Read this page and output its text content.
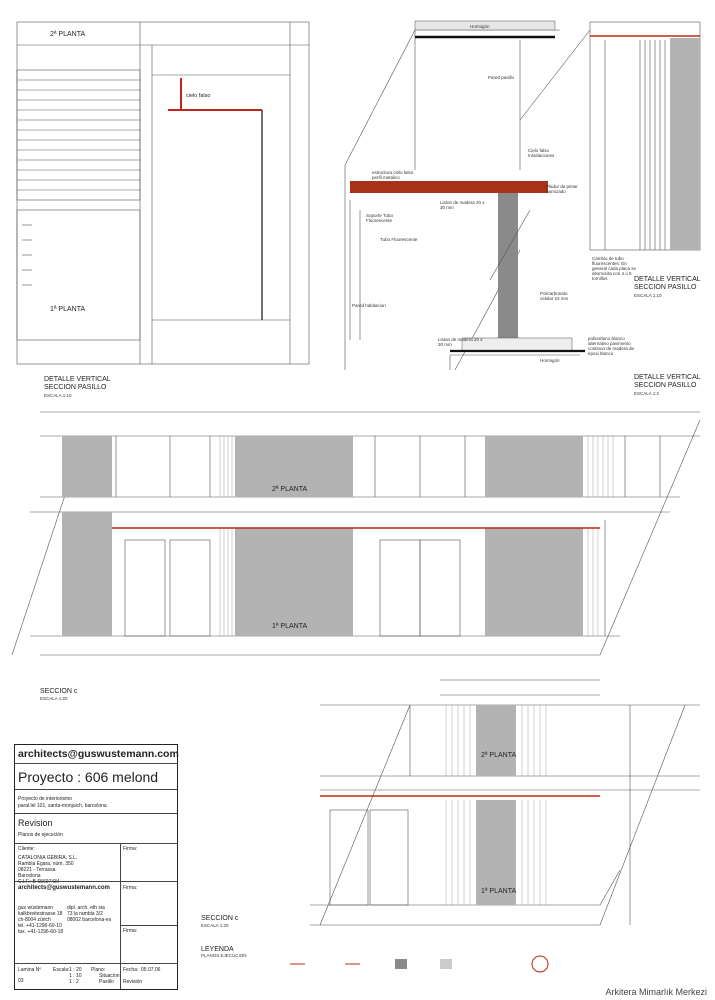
2ª PLANTA
1ª PLANTA
cielo falso
DETALLE VERTICAL
SECCION PASILLO
ESCALA 1:10
Hormigón
Pared pasillo
Cielo falso Instalaciones
estructura cielo falso perfil metalico
Pladur de pintar barnizado
Liston de madera 20 x 30 mm
Soporte Tubo Fluorescente
Tubo Fluorescente
Policarbonato celular 23 mm
Pared habitacion
Liston de madera 20 x 30 mm
poliuretano blanco alternativo pavimento continuo de madera de epoxi blanco
Hormigón
DETALLE VERTICAL
SECCION PASILLO
ESCALA 1:2
Cambio de tubo fluorescentes: En general cada placa se desmonta con 4 o 5 tornillos	DETALLE VERTICAL
SECCION PASILLO
ESCALA 1:10
2ª PLANTA
1ª PLANTA
SECCION c
ESCALA 1:20
2ª PLANTA
1ª PLANTA
SECCION c
ESCALA 1:20
LEYENDA
PLANOS EJECUCION
architects@guswustemann.com
Proyecto : 606 melond
Proyecto de interiorismo
paral.lel 101, santa-monjuich, barcelona
Revision
Planos de ejecución
Cliente:
CATALONIA GEBIRA, S.L.
Rambla Egara, núm. 350
08221 - Terrassa
Barcelona
C.I.F.: B-65697434
Firma:
architects@guswustemann.com	Firma:
gus wüstemann
kalkbreitestrasse 18
ch-8004 zürich
tel. +41-1296-60-10
fax. +41-1296-60-18
dipl. arch. eth sia
73 la rambla 3/2
08002 barcelona-es
Firma:
Lamina Nº
03
Escala: 1 : 20
1 : 10
1 : 2
Plano:
Situacion
Pasillo
Fecha: 05.07.06
Revisión
Arkitera Mimarlık Merkezi
